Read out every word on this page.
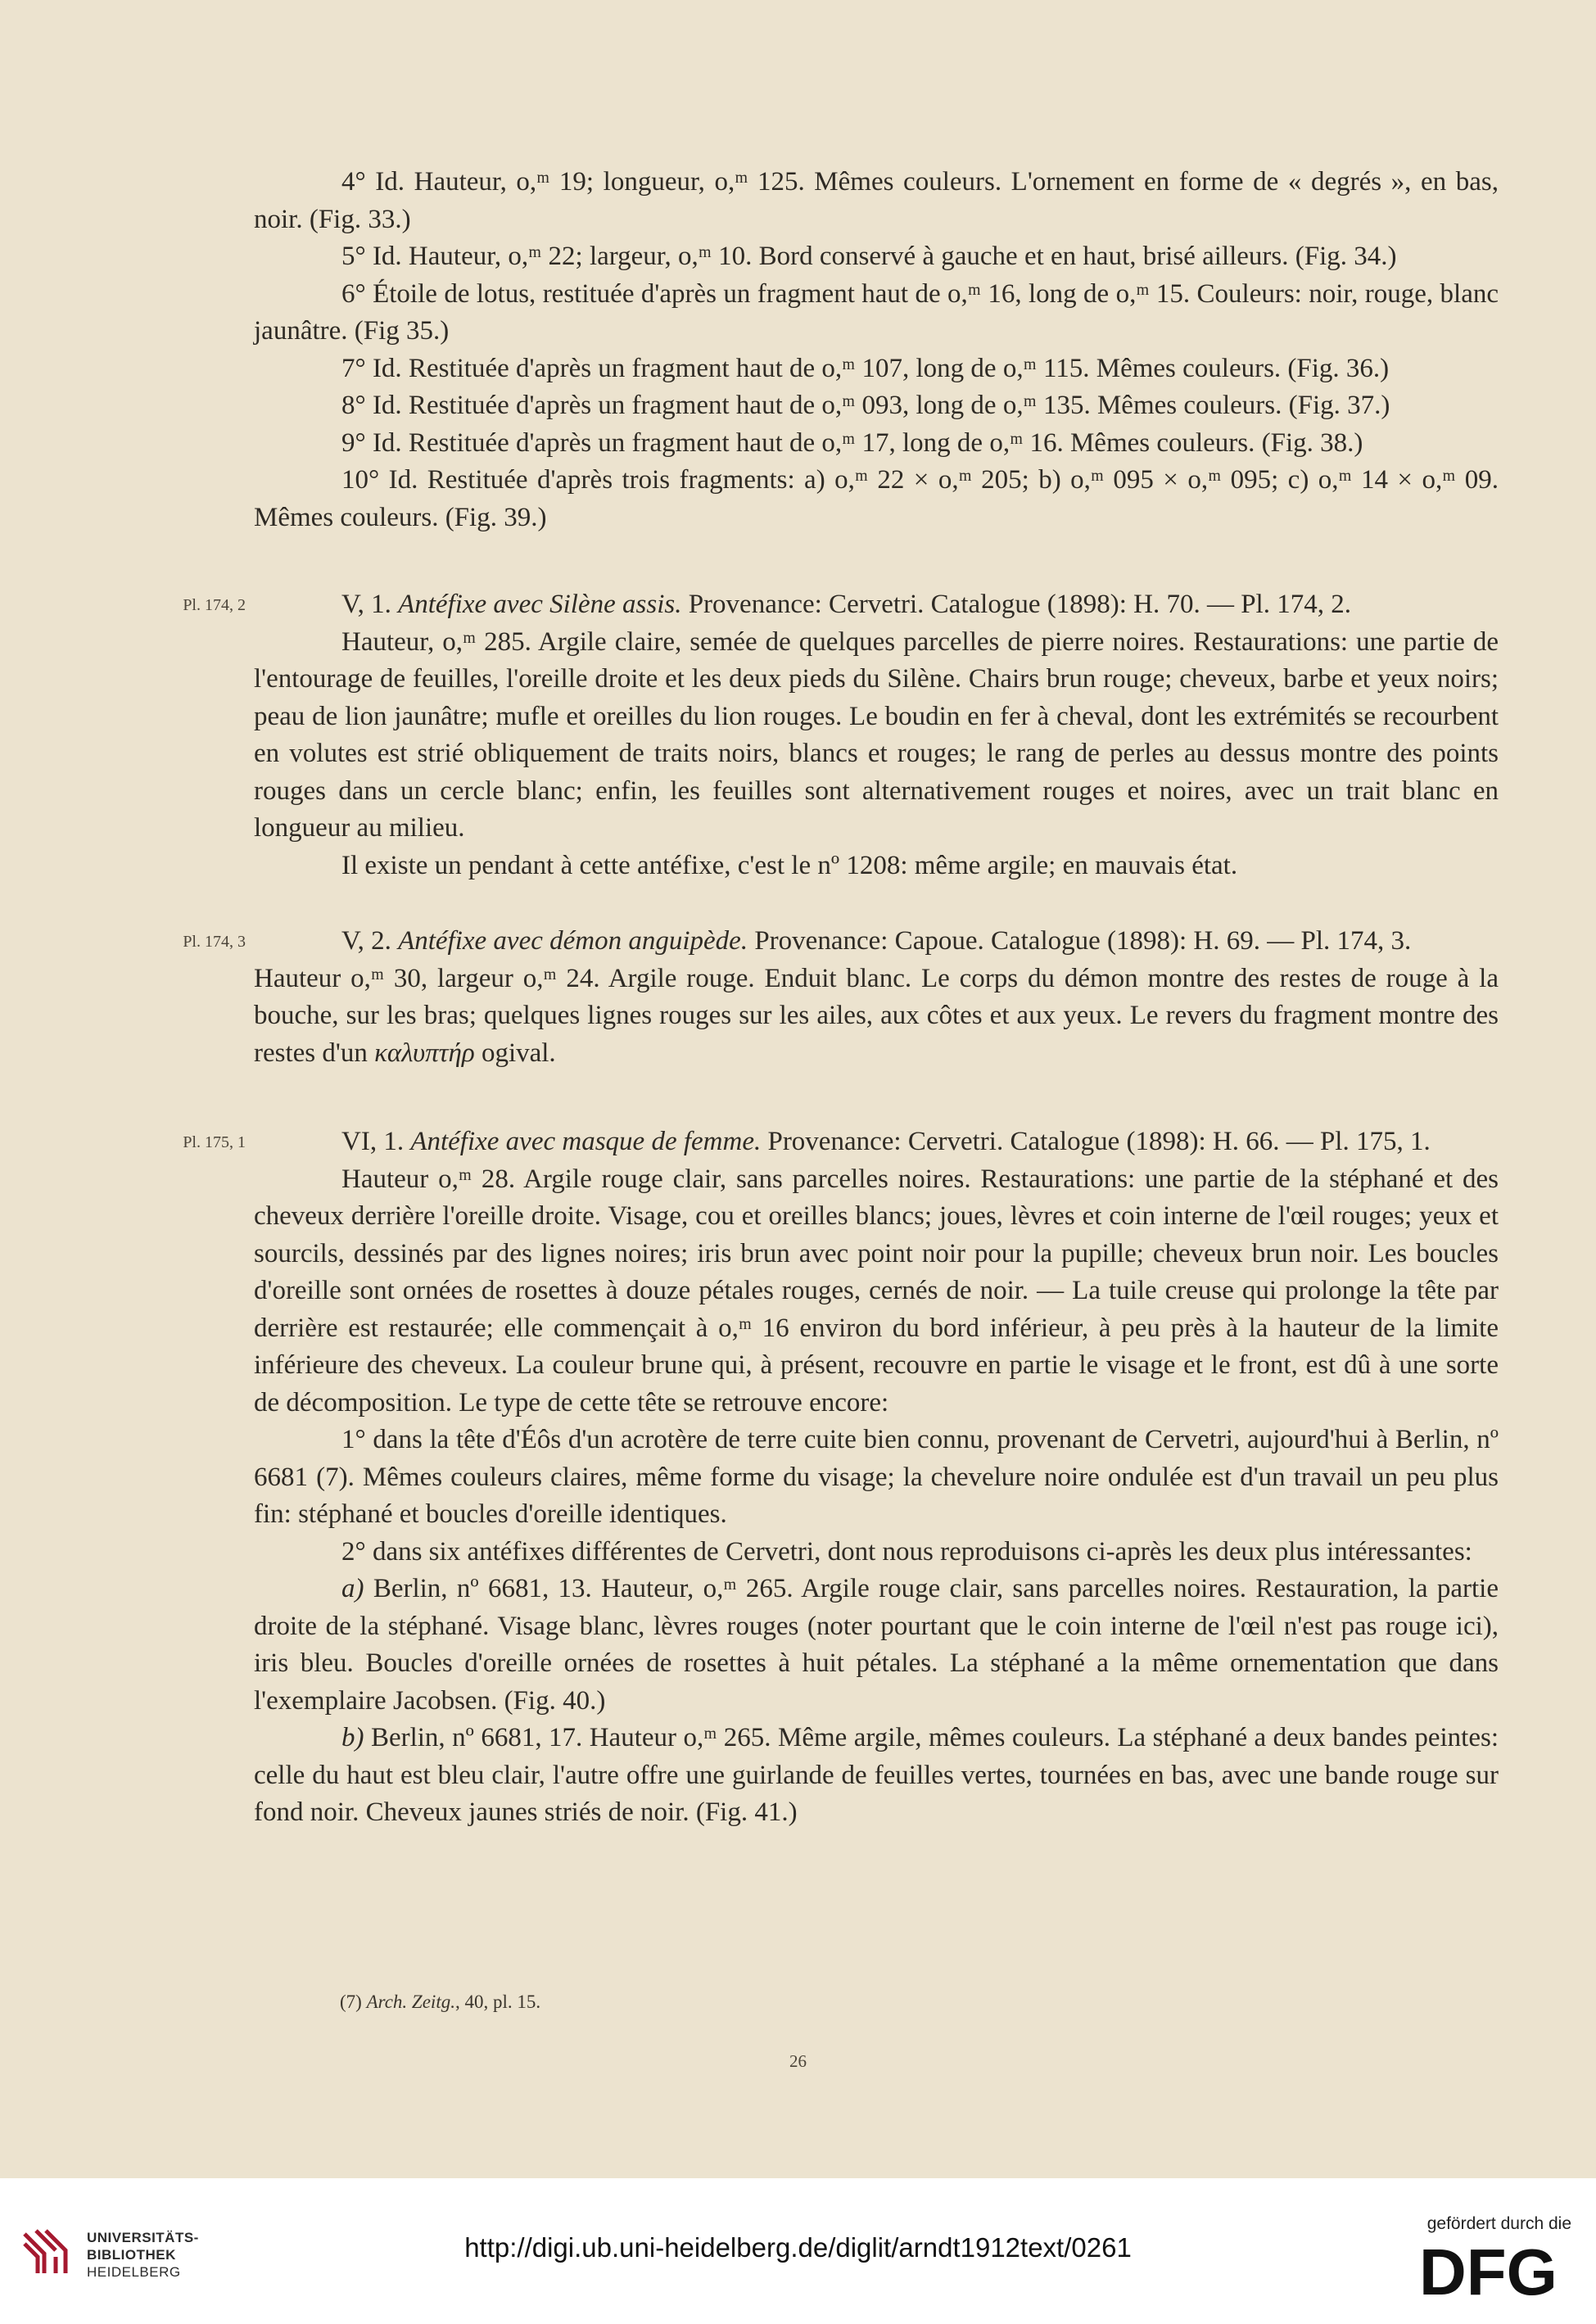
4° Id. Hauteur, o,ᵐ 19; longueur, o,ᵐ 125. Mêmes couleurs. L'ornement en forme de « degrés », en bas, noir. (Fig. 33.)

5° Id. Hauteur, o,ᵐ 22; largeur, o,ᵐ 10. Bord conservé à gauche et en haut, brisé ailleurs. (Fig. 34.)

6° Étoile de lotus, restituée d'après un fragment haut de o,ᵐ 16, long de o,ᵐ 15. Couleurs: noir, rouge, blanc jaunâtre. (Fig 35.)

7° Id. Restituée d'après un fragment haut de o,ᵐ 107, long de o,ᵐ 115. Mêmes couleurs. (Fig. 36.)

8° Id. Restituée d'après un fragment haut de o,ᵐ 093, long de o,ᵐ 135. Mêmes couleurs. (Fig. 37.)

9° Id. Restituée d'après un fragment haut de o,ᵐ 17, long de o,ᵐ 16. Mêmes couleurs. (Fig. 38.)

10° Id. Restituée d'après trois fragments: a) o,ᵐ 22 × o,ᵐ 205; b) o,ᵐ 095 × o,ᵐ 095; c) o,ᵐ 14 × o,ᵐ 09. Mêmes couleurs. (Fig. 39.)

Pl. 174, 2	V, 1. Antéfixe avec Silène assis. Provenance: Cervetri. Catalogue (1898): H. 70. — Pl. 174, 2.

Hauteur, o,ᵐ 285. Argile claire, semée de quelques parcelles de pierre noires. Restaurations: une partie de l'entourage de feuilles, l'oreille droite et les deux pieds du Silène. Chairs brun rouge; cheveux, barbe et yeux noirs; peau de lion jaunâtre; mufle et oreilles du lion rouges. Le boudin en fer à cheval, dont les extrémités se recourbent en volutes est strié obliquement de traits noirs, blancs et rouges; le rang de perles au dessus montre des points rouges dans un cercle blanc; enfin, les feuilles sont alternativement rouges et noires, avec un trait blanc en longueur au milieu.

Il existe un pendant à cette antéfixe, c'est le nº 1208: même argile; en mauvais état.

Pl. 174, 3	V, 2. Antéfixe avec démon anguipède. Provenance: Capoue. Catalogue (1898): H. 69. — Pl. 174, 3.

Hauteur o,ᵐ 30, largeur o,ᵐ 24. Argile rouge. Enduit blanc. Le corps du démon montre des restes de rouge à la bouche, sur les bras; quelques lignes rouges sur les ailes, aux côtes et aux yeux. Le revers du fragment montre des restes d'un καλυπτήρ ogival.

Pl. 175, 1	VI, 1. Antéfixe avec masque de femme. Provenance: Cervetri. Catalogue (1898): H. 66. — Pl. 175, 1.

Hauteur o,ᵐ 28. Argile rouge clair, sans parcelles noires. Restaurations: une partie de la stéphané et des cheveux derrière l'oreille droite. Visage, cou et oreilles blancs; joues, lèvres et coin interne de l'œil rouges; yeux et sourcils, dessinés par des lignes noires; iris brun avec point noir pour la pupille; cheveux brun noir. Les boucles d'oreille sont ornées de rosettes à douze pétales rouges, cernés de noir. — La tuile creuse qui prolonge la tête par derrière est restaurée; elle commençait à o,ᵐ 16 environ du bord inférieur, à peu près à la hauteur de la limite inférieure des cheveux. La couleur brune qui, à présent, recouvre en partie le visage et le front, est dû à une sorte de décomposition. Le type de cette tête se retrouve encore:

1° dans la tête d'Éôs d'un acrotère de terre cuite bien connu, provenant de Cervetri, aujourd'hui à Berlin, nº 6681 (7). Mêmes couleurs claires, même forme du visage; la chevelure noire ondulée est d'un travail un peu plus fin: stéphané et boucles d'oreille identiques.

2° dans six antéfixes différentes de Cervetri, dont nous reproduisons ci-après les deux plus intéressantes:

a) Berlin, nº 6681, 13. Hauteur, o,ᵐ 265. Argile rouge clair, sans parcelles noires. Restauration, la partie droite de la stéphané. Visage blanc, lèvres rouges (noter pourtant que le coin interne de l'œil n'est pas rouge ici), iris bleu. Boucles d'oreille ornées de rosettes à huit pétales. La stéphané a la même ornementation que dans l'exemplaire Jacobsen. (Fig. 40.)

b) Berlin, nº 6681, 17. Hauteur o,ᵐ 265. Même argile, mêmes couleurs. La stéphané a deux bandes peintes: celle du haut est bleu clair, l'autre offre une guirlande de feuilles vertes, tournées en bas, avec une bande rouge sur fond noir. Cheveux jaunes striés de noir. (Fig. 41.)

(7) Arch. Zeitg., 40, pl. 15.
26
UNIVERSITÄTS-
BIBLIOTHEK
HEIDELBERG
http://digi.ub.uni-heidelberg.de/diglit/arndt1912text/0261
gefördert durch die
DFG
